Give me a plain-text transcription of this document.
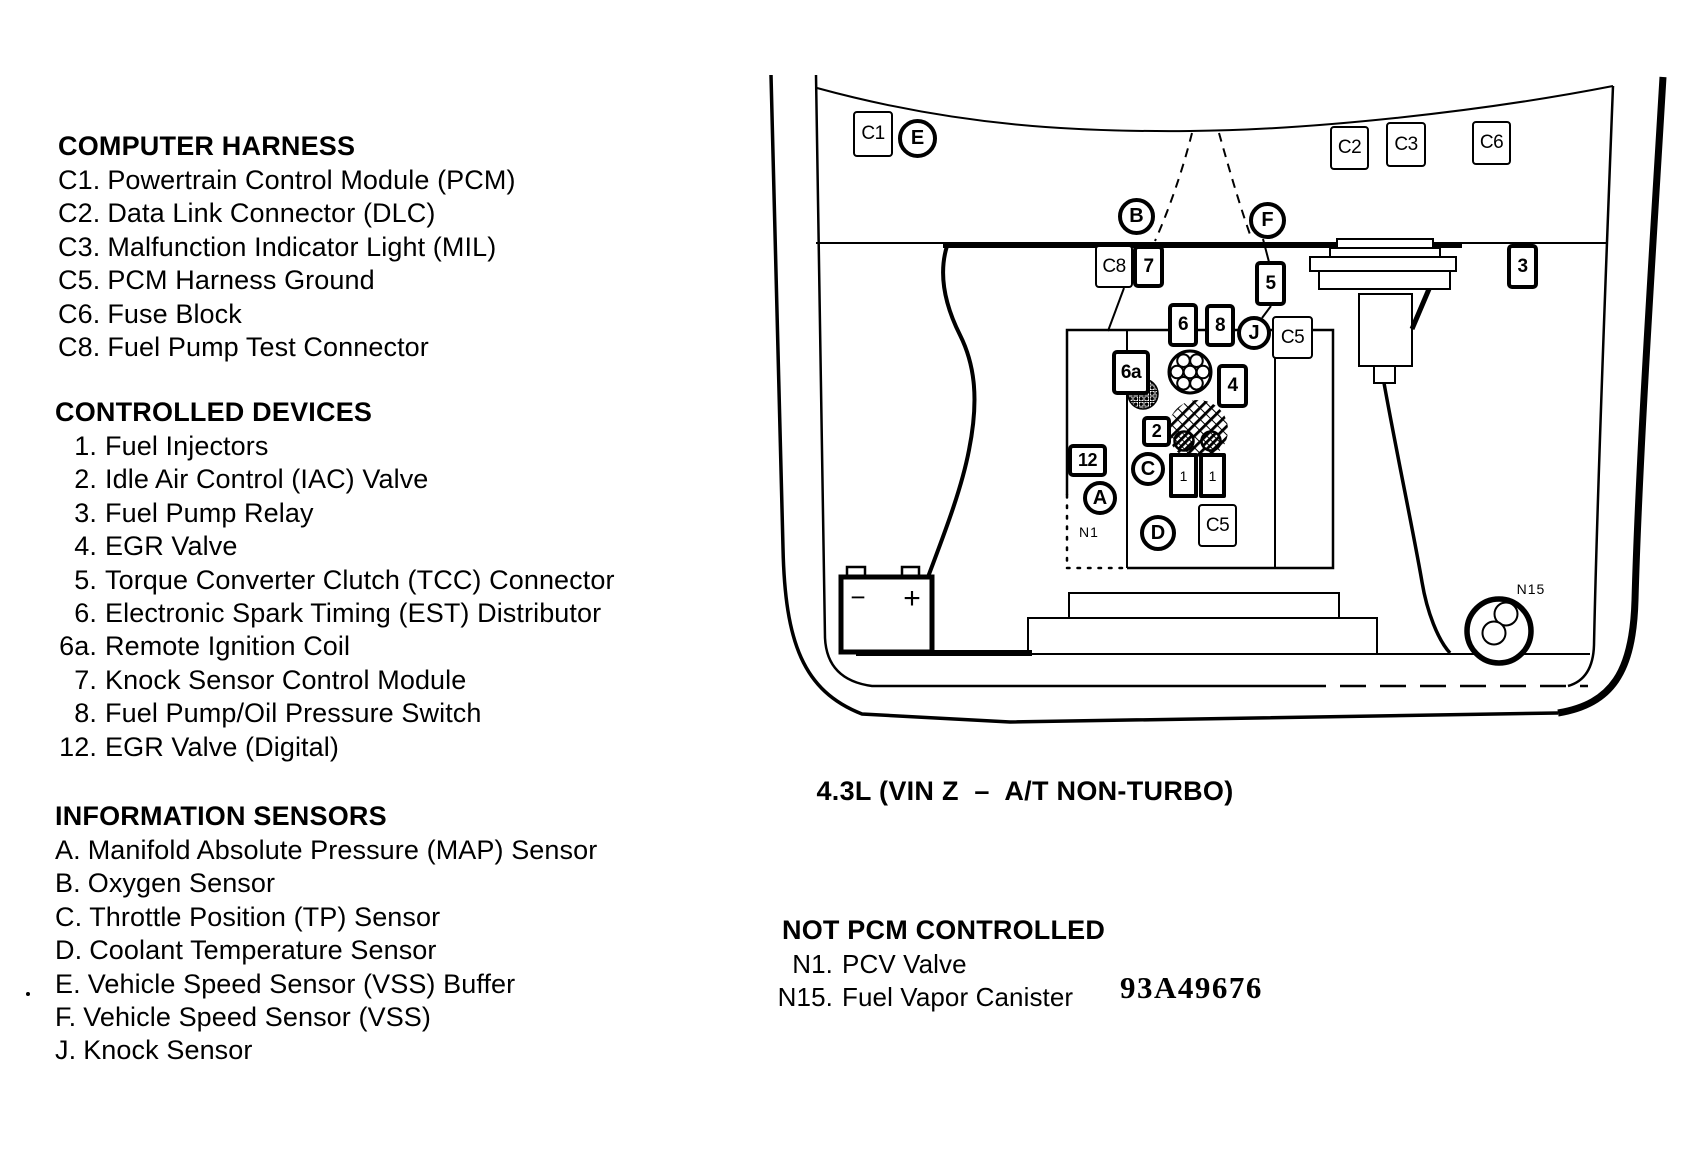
COMPUTER HARNESS
C1. Powertrain Control Module (PCM)
C2. Data Link Connector (DLC)
C3. Malfunction Indicator Light (MIL)
C5. PCM Harness Ground
C6. Fuse Block
C8. Fuel Pump Test Connector
CONTROLLED DEVICES
1. Fuel Injectors
2. Idle Air Control (IAC) Valve
3. Fuel Pump Relay
4. EGR Valve
5. Torque Converter Clutch (TCC) Connector
6. Electronic Spark Timing (EST) Distributor
6a. Remote Ignition Coil
7. Knock Sensor Control Module
8. Fuel Pump/Oil Pressure Switch
12. EGR Valve (Digital)
INFORMATION SENSORS
A. Manifold Absolute Pressure (MAP) Sensor
B. Oxygen Sensor
C. Throttle Position (TP) Sensor
D. Coolant Temperature Sensor
E. Vehicle Speed Sensor (VSS) Buffer
F. Vehicle Speed Sensor (VSS)
J. Knock Sensor
− +
N1
N15
C1	E	C2	C3	C6
B	F
C8 7
5
3
6	8	J	C5
6a
4
2
12
1	1
C
A
D	C5
4.3L (VIN Z  –  A/T NON-TURBO)
NOT PCM CONTROLLED
N1. PCV Valve
N15. Fuel Vapor Canister	93A49676
